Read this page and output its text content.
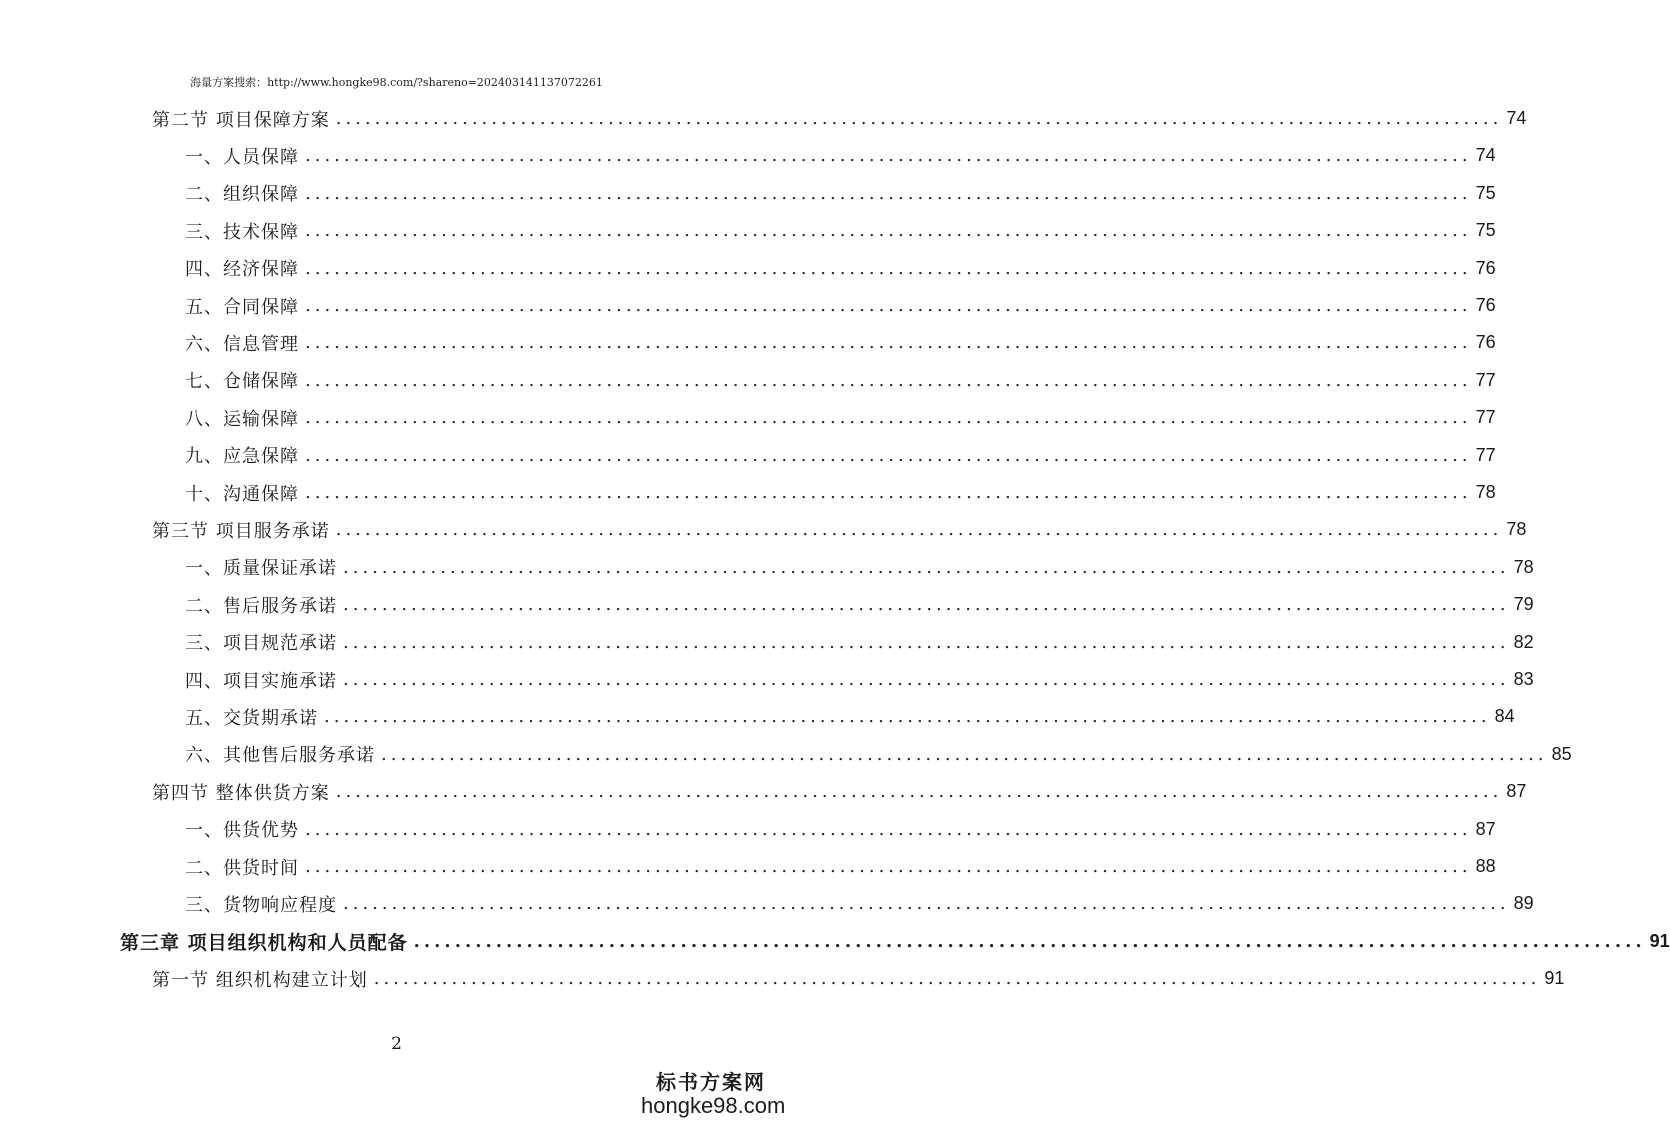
海量方案搜索：http://www.hongke98.com/?shareno=202403141137072261
第二节 项目保障方案 ........................................................................................................................ 74
一、人员保障 ........................................................................................................................ 74
二、组织保障 ........................................................................................................................ 75
三、技术保障 ........................................................................................................................ 75
四、经济保障 ........................................................................................................................ 76
五、合同保障 ........................................................................................................................ 76
六、信息管理 ........................................................................................................................ 76
七、仓储保障 ........................................................................................................................ 77
八、运输保障 ........................................................................................................................ 77
九、应急保障 ........................................................................................................................ 77
十、沟通保障 ........................................................................................................................ 78
第三节 项目服务承诺 ........................................................................................................................ 78
一、质量保证承诺 ........................................................................................................................ 78
二、售后服务承诺 ........................................................................................................................ 79
三、项目规范承诺 ........................................................................................................................ 82
四、项目实施承诺 ........................................................................................................................ 83
五、交货期承诺 ........................................................................................................................ 84
六、其他售后服务承诺 ........................................................................................................................ 85
第四节 整体供货方案 ........................................................................................................................ 87
一、供货优势 ........................................................................................................................ 87
二、供货时间 ........................................................................................................................ 88
三、货物响应程度 ........................................................................................................................ 89
第三章 项目组织机构和人员配备 ........................................................................................................................ 91
第一节 组织机构建立计划 ........................................................................................................................ 91
2
标书方案网
hongke98.com
